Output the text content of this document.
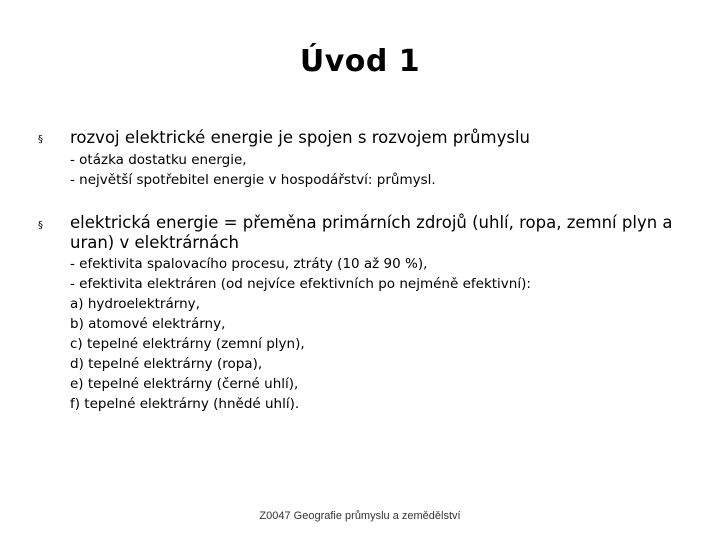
Úvod 1
§ rozvoj elektrické energie je spojen s rozvojem průmyslu
- otázka dostatku energie,
- největší spotřebitel energie v hospodářství: průmysl.
§ elektrická energie = přeměna primárních zdrojů (uhlí, ropa, zemní plyn a uran) v elektrárnách
- efektivita spalovacího procesu, ztráty (10 až 90 %),
- efektivita elektráren (od nejvíce efektivních po nejméně efektivní):
a) hydroelektrárny,
b) atomové elektrárny,
c) tepelné elektrárny (zemní plyn),
d) tepelné elektrárny (ropa),
e) tepelné elektrárny (černé uhlí),
f) tepelné elektrárny (hnědé uhlí).
Z0047 Geografie průmyslu a zemědělství
